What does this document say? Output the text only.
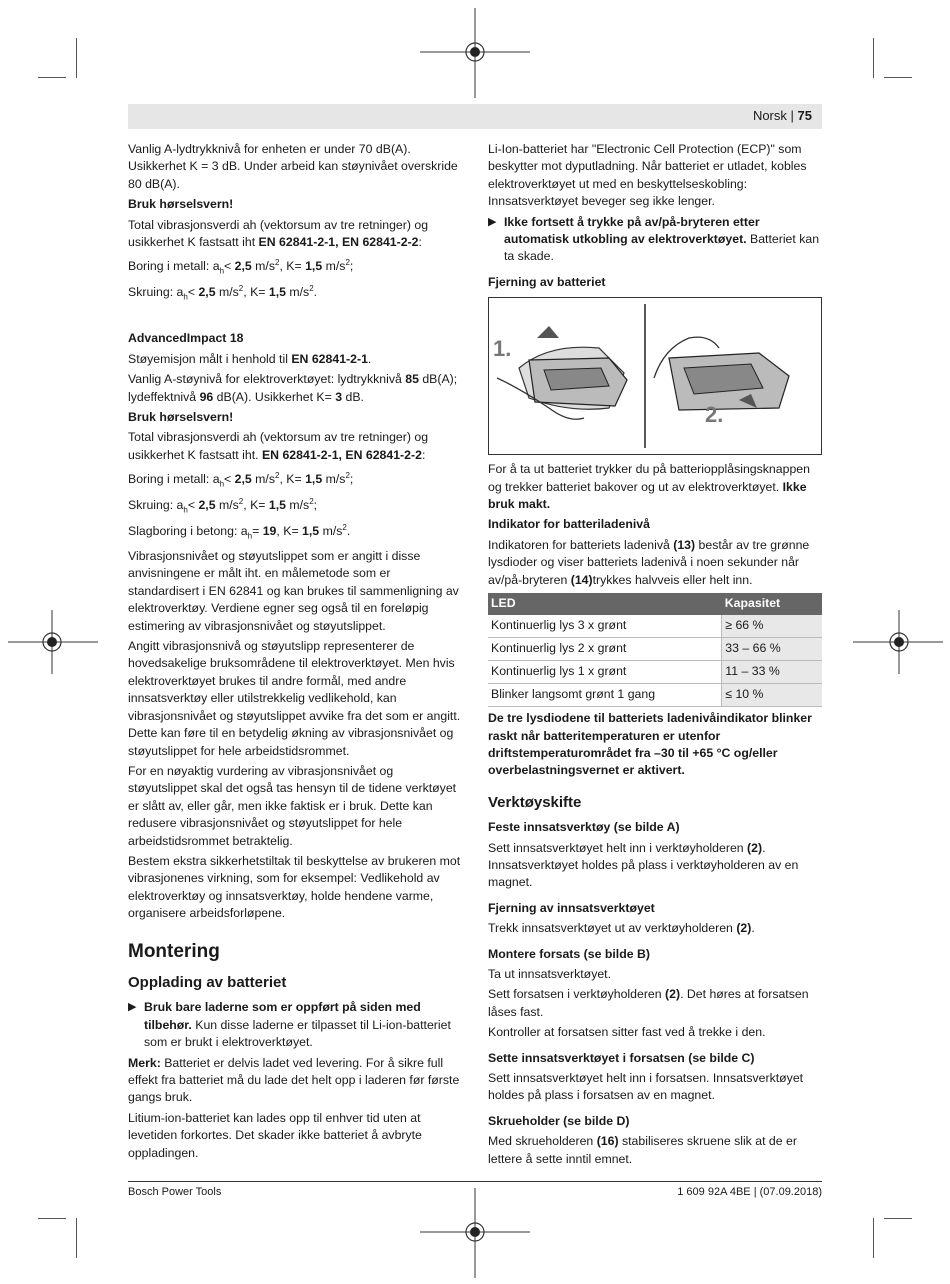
Norsk | 75

Vanlig A-lydtrykknivå for enheten er under 70 dB(A). Usikkerhet K = 3 dB. Under arbeid kan støynivået overskride 80 dB(A).

Bruk hørselsvern!

Total vibrasjonsverdi ah (vektorsum av tre retninger) og usikkerhet K fastsatt iht EN 62841-2-1, EN 62841-2-2:

Boring i metall: $a_h< 2,5$ $m/s^2$, K= 1,5 $m/s^2$;
Skruing: $a_h< 2,5$ $m/s^2$, K= 1,5 $m/s^2$.
AdvancedImpact 18

Støyemisjon målt i henhold til EN 62841-2-1.

Vanlig A-støynivå for elektroverktøyet: lydtrykknivå 85 dB(A); lydeffektnivå 96 dB(A). Usikkerhet K= 3 dB.

Bruk hørselsvern!

Total vibrasjonsverdi ah (vektorsum av tre retninger) og usikkerhet K fastsatt iht. EN 62841-2-1, EN 62841-2-2:

Boring i metall: $a_h< 2,5$ $m/s^2$, K= 1,5 $m/s^2$;
Skruing: $a_h< 2,5$ $m/s^2$, K= 1,5 $m/s^2$;
Slagboring i betong: $a_h= 19$, K= 1,5 $m/s^2$.

Vibrasjonsnivået og støyutslippet som er angitt i disse anvisningene er målt iht. en målemetode som er standardisert i EN 62841 og kan brukes til sammenligning av elektroverktøy. Verdiene egner seg også til en foreløpig estimering av vibrasjonsnivået og støyutslippet.

Angitt vibrasjonsnivå og støyutslipp representerer de hovedsakelige bruksområdene til elektroverktøyet. Men hvis elektroverktøyet brukes til andre formål, med andre innsatsverktøy eller utilstrekkelig vedlikehold, kan vibrasjonsnivået og støyutslippet avvike fra det som er angitt. Dette kan føre til en betydelig økning av vibrasjonsnivået og støyutslippet for hele arbeidstidsrommet.

For en nøyaktig vurdering av vibrasjonsnivået og støyutslippet skal det også tas hensyn til de tidene verktøyet er slått av, eller går, men ikke faktisk er i bruk. Dette kan redusere vibrasjonsnivået og støyutslippet for hele arbeidstidsrommet betraktelig.

Bestem ekstra sikkerhetstiltak til beskyttelse av brukeren mot vibrasjonenes virkning, som for eksempel: Vedlikehold av elektroverktøy og innsatsverktøy, holde hendene varme, organisere arbeidsforløpene.

Montering
Opplading av batteriet
▶ Bruk bare laderne som er oppført på siden med tilbehør. Kun disse laderne er tilpasset til Li-ion-batteriet som er brukt i elektroverktøyet.

Merk: Batteriet er delvis ladet ved levering. For å sikre full effekt fra batteriet må du lade det helt opp i laderen før første gangs bruk.

Litium-ion-batteriet kan lades opp til enhver tid uten at levetiden forkortes. Det skader ikke batteriet å avbryte oppladingen.

Li-Ion-batteriet har "Electronic Cell Protection (ECP)" som beskytter mot dyputladning. Når batteriet er utladet, kobles elektroverktøyet ut med en beskyttelseskobling: Innsatsverktøyet beveger seg ikke lenger.

▶ Ikke fortsett å trykke på av/på-bryteren etter automatisk utkobling av elektroverktøyet. Batteriet kan ta skade.
Fjerning av batteriet
1.
2.

For å ta ut batteriet trykker du på batteriopplåsingsknappen og trekker batteriet bakover og ut av elektroverktøyet. Ikke bruk makt.

Indikator for batteriladenivå

Indikatoren for batteriets ladenivå (13) består av tre grønne lysdioder og viser batteriets ladenivå i noen sekunder når av/på-bryteren (14)trykkes halvveis eller helt inn.

LED	Kapasitet
Kontinuerlig lys 3 x grønt	≥ 66 %
Kontinuerlig lys 2 x grønt	33 – 66 %
Kontinuerlig lys 1 x grønt	11 – 33 %
Blinker langsomt grønt 1 gang	≤ 10 %

De tre lysdiodene til batteriets ladenivåindikator blinker raskt når batteritemperaturen er utenfor driftstemperaturområdet fra –30 til +65 °C og/eller overbelastningsvernet er aktivert.

Verktøyskifte
Feste innsatsverktøy (se bilde A)

Sett innsatsverktøyet helt inn i verktøyholderen (2). Innsatsverktøyet holdes på plass i verktøyholderen av en magnet.

Fjerning av innsatsverktøyet

Trekk innsatsverktøyet ut av verktøyholderen (2).

Montere forsats (se bilde B)

Ta ut innsatsverktøyet.

Sett forsatsen i verktøyholderen (2). Det høres at forsatsen låses fast.

Kontroller at forsatsen sitter fast ved å trekke i den.

Sette innsatsverktøyet i forsatsen (se bilde C)

Sett innsatsverktøyet helt inn i forsatsen. Innsatsverktøyet holdes på plass i forsatsen av en magnet.

Skrueholder (se bilde D)

Med skrueholderen (16) stabiliseres skruene slik at de er lettere å sette inntil emnet.

Bosch Power Tools	1 609 92A 4BE | (07.09.2018)
